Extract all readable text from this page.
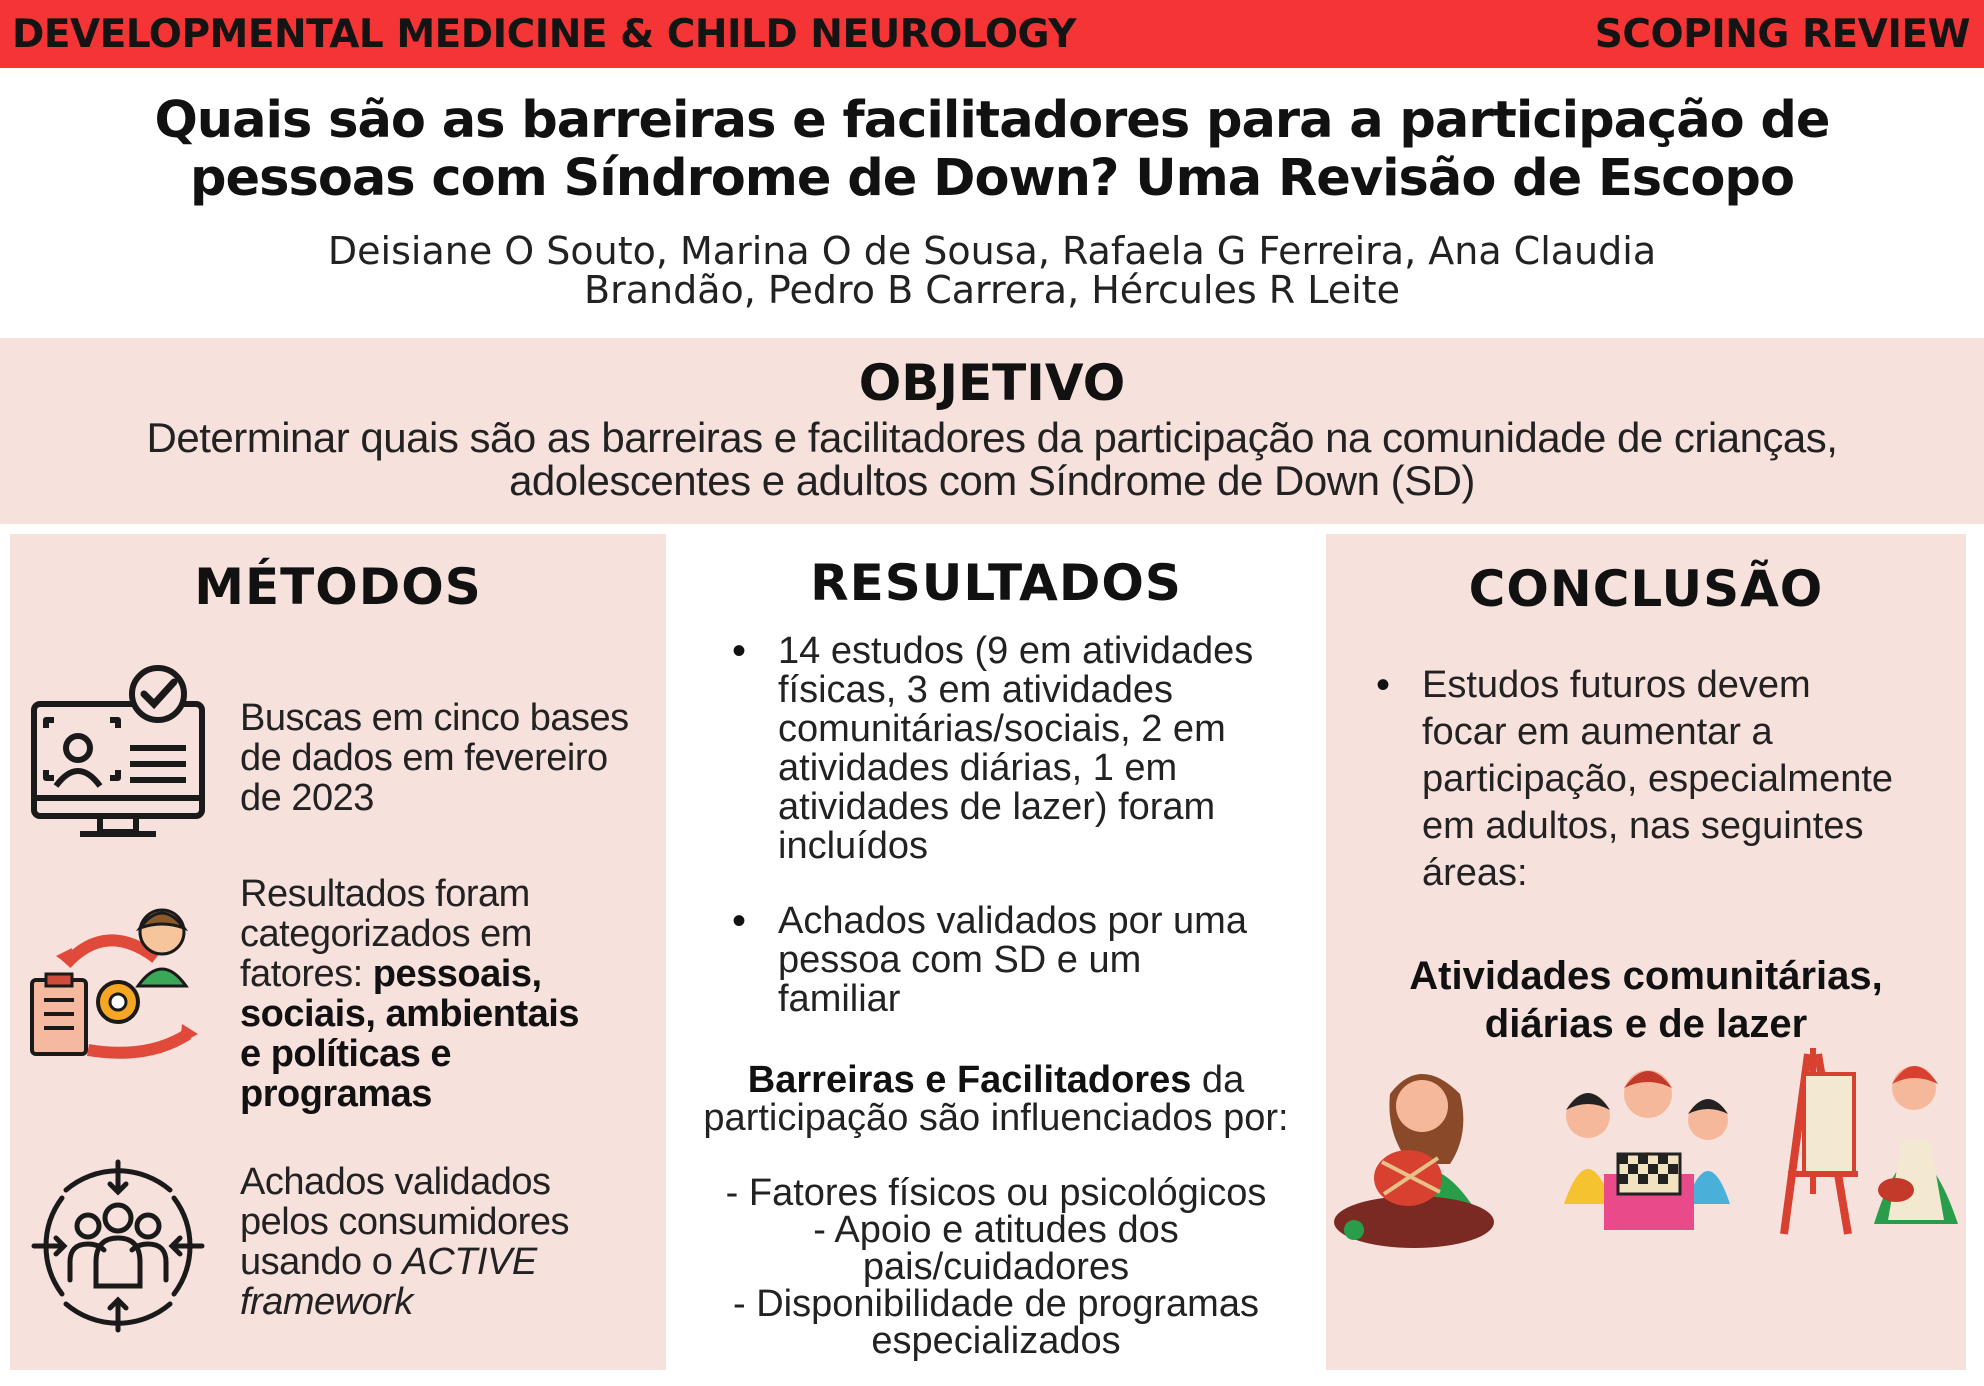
DEVELOPMENTAL MEDICINE & CHILD NEUROLOGY	SCOPING REVIEW
Quais são as barreiras e facilitadores para a participação de
pessoas com Síndrome de Down? Uma Revisão de Escopo
Deisiane O Souto, Marina O de Sousa, Rafaela G Ferreira, Ana Claudia
Brandão, Pedro B Carrera, Hércules R Leite
OBJETIVO

Determinar quais são as barreiras e facilitadores da participação na comunidade de crianças,
adolescentes e adultos com Síndrome de Down (SD)

MÉTODOS
Buscas em cinco bases
de dados em fevereiro
de 2023
Resultados foram
categorizados em
fatores: pessoais,
sociais, ambientais
e políticas e
programas
Achados validados
pelos consumidores
usando o ACTIVE
framework
RESULTADOS
• 14 estudos (9 em atividades
físicas, 3 em atividades
comunitárias/sociais, 2 em
atividades diárias, 1 em
atividades de lazer) foram
incluídos
• Achados validados por uma
pessoa com SD e um
familiar
Barreiras e Facilitadores da
participação são influenciados por:
- Fatores físicos ou psicológicos
- Apoio e atitudes dos
pais/cuidadores
- Disponibilidade de programas
especializados
CONCLUSÃO
• Estudos futuros devem
focar em aumentar a
participação, especialmente
em adultos, nas seguintes
áreas:
Atividades comunitárias,
diárias e de lazer
